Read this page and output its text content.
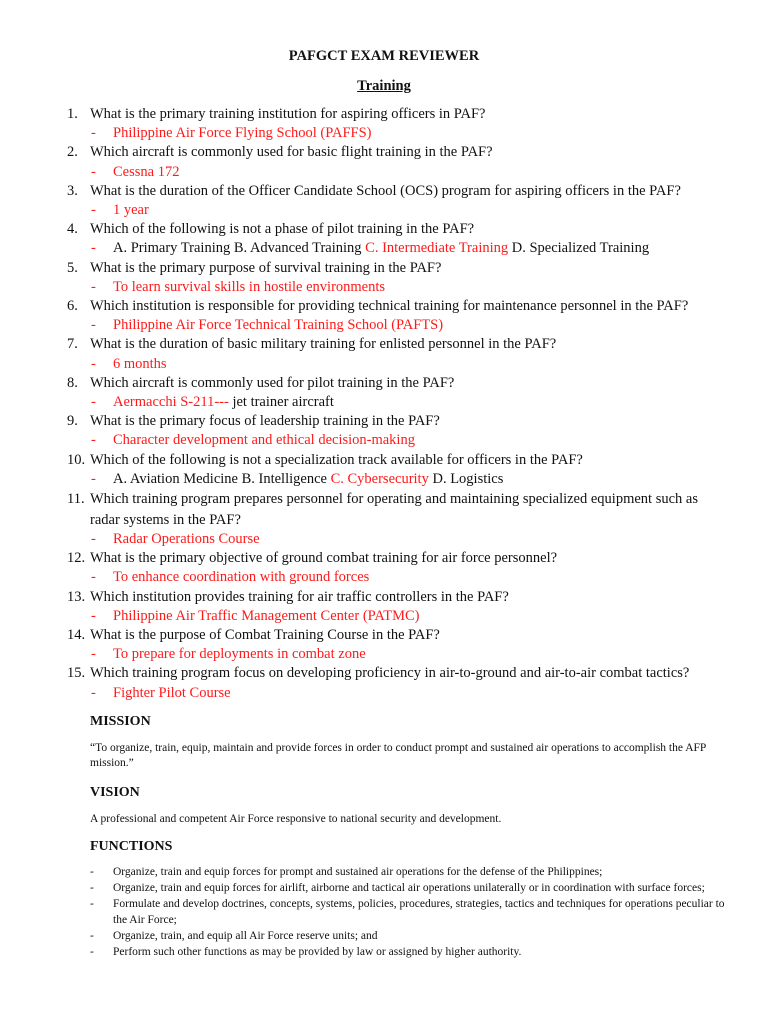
PAFGCT EXAM REVIEWER
Training
1. What is the primary training institution for aspiring officers in PAF?
- Philippine Air Force Flying School (PAFFS)
2. Which aircraft is commonly used for basic flight training in the PAF?
- Cessna 172
3. What is the duration of the Officer Candidate School (OCS) program for aspiring officers in the PAF?
- 1 year
4. Which of the following is not a phase of pilot training in the PAF?
- A. Primary Training B. Advanced Training C. Intermediate Training D. Specialized Training
5. What is the primary purpose of survival training in the PAF?
- To learn survival skills in hostile environments
6. Which institution is responsible for providing technical training for maintenance personnel in the PAF?
- Philippine Air Force Technical Training School (PAFTS)
7. What is the duration of basic military training for enlisted personnel in the PAF?
- 6 months
8. Which aircraft is commonly used for pilot training in the PAF?
- Aermacchi S-211--- jet trainer aircraft
9. What is the primary focus of leadership training in the PAF?
- Character development and ethical decision-making
10. Which of the following is not a specialization track available for officers in the PAF?
- A. Aviation Medicine B. Intelligence C. Cybersecurity D. Logistics
11. Which training program prepares personnel for operating and maintaining specialized equipment such as radar systems in the PAF?
- Radar Operations Course
12. What is the primary objective of ground combat training for air force personnel?
- To enhance coordination with ground forces
13. Which institution provides training for air traffic controllers in the PAF?
- Philippine Air Traffic Management Center (PATMC)
14. What is the purpose of Combat Training Course in the PAF?
- To prepare for deployments in combat zone
15. Which training program focus on developing proficiency in air-to-ground and air-to-air combat tactics?
- Fighter Pilot Course
MISSION
“To organize, train, equip, maintain and provide forces in order to conduct prompt and sustained air operations to accomplish the AFP mission.”
VISION
A professional and competent Air Force responsive to national security and development.
FUNCTIONS
- Organize, train and equip forces for prompt and sustained air operations for the defense of the Philippines;
- Organize, train and equip forces for airlift, airborne and tactical air operations unilaterally or in coordination with surface forces;
- Formulate and develop doctrines, concepts, systems, policies, procedures, strategies, tactics and techniques for operations peculiar to the Air Force;
- Organize, train, and equip all Air Force reserve units; and
- Perform such other functions as may be provided by law or assigned by higher authority.
